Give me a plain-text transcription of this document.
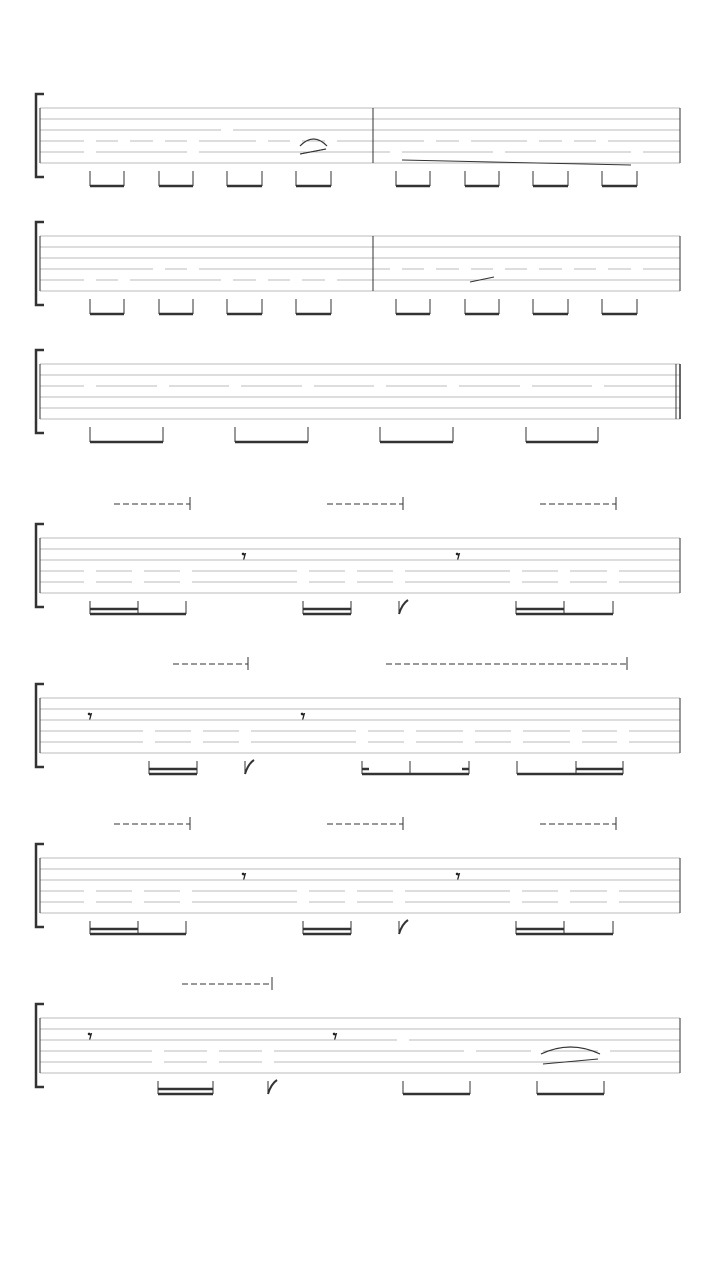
𝄾	𝄾
𝄾	𝄾
𝄾	𝄾
𝄾	𝄾
